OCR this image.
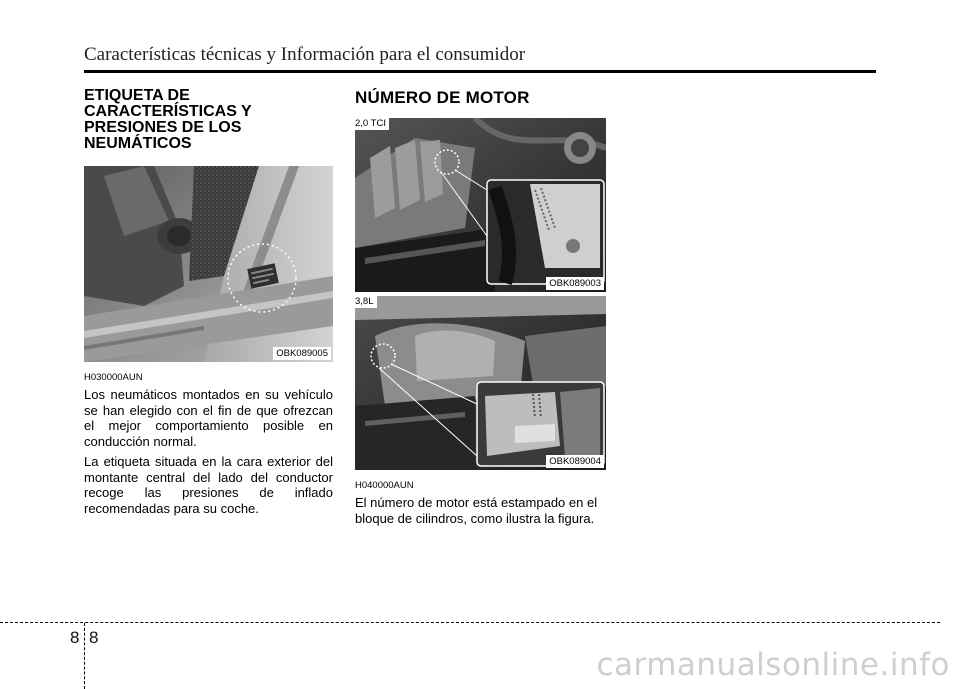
Características técnicas y Información para el consumidor
ETIQUETA DE
CARACTERÍSTICAS Y
PRESIONES DE LOS
NEUMÁTICOS
OBK089005
H030000AUN

Los neumáticos montados en su vehículo se han elegido con el fin de que ofrezcan el mejor comportamiento posible en conducción normal.

La etiqueta situada en la cara exterior del montante central del lado del conductor recoge las presiones de inflado recomendadas para su coche.

NÚMERO DE MOTOR
2,0 TCI
OBK089003
3,8L
OBK089004
H040000AUN

El número de motor está estampado en el bloque de cilindros, como ilustra la figura.

8 8
carmanualsonline.info
